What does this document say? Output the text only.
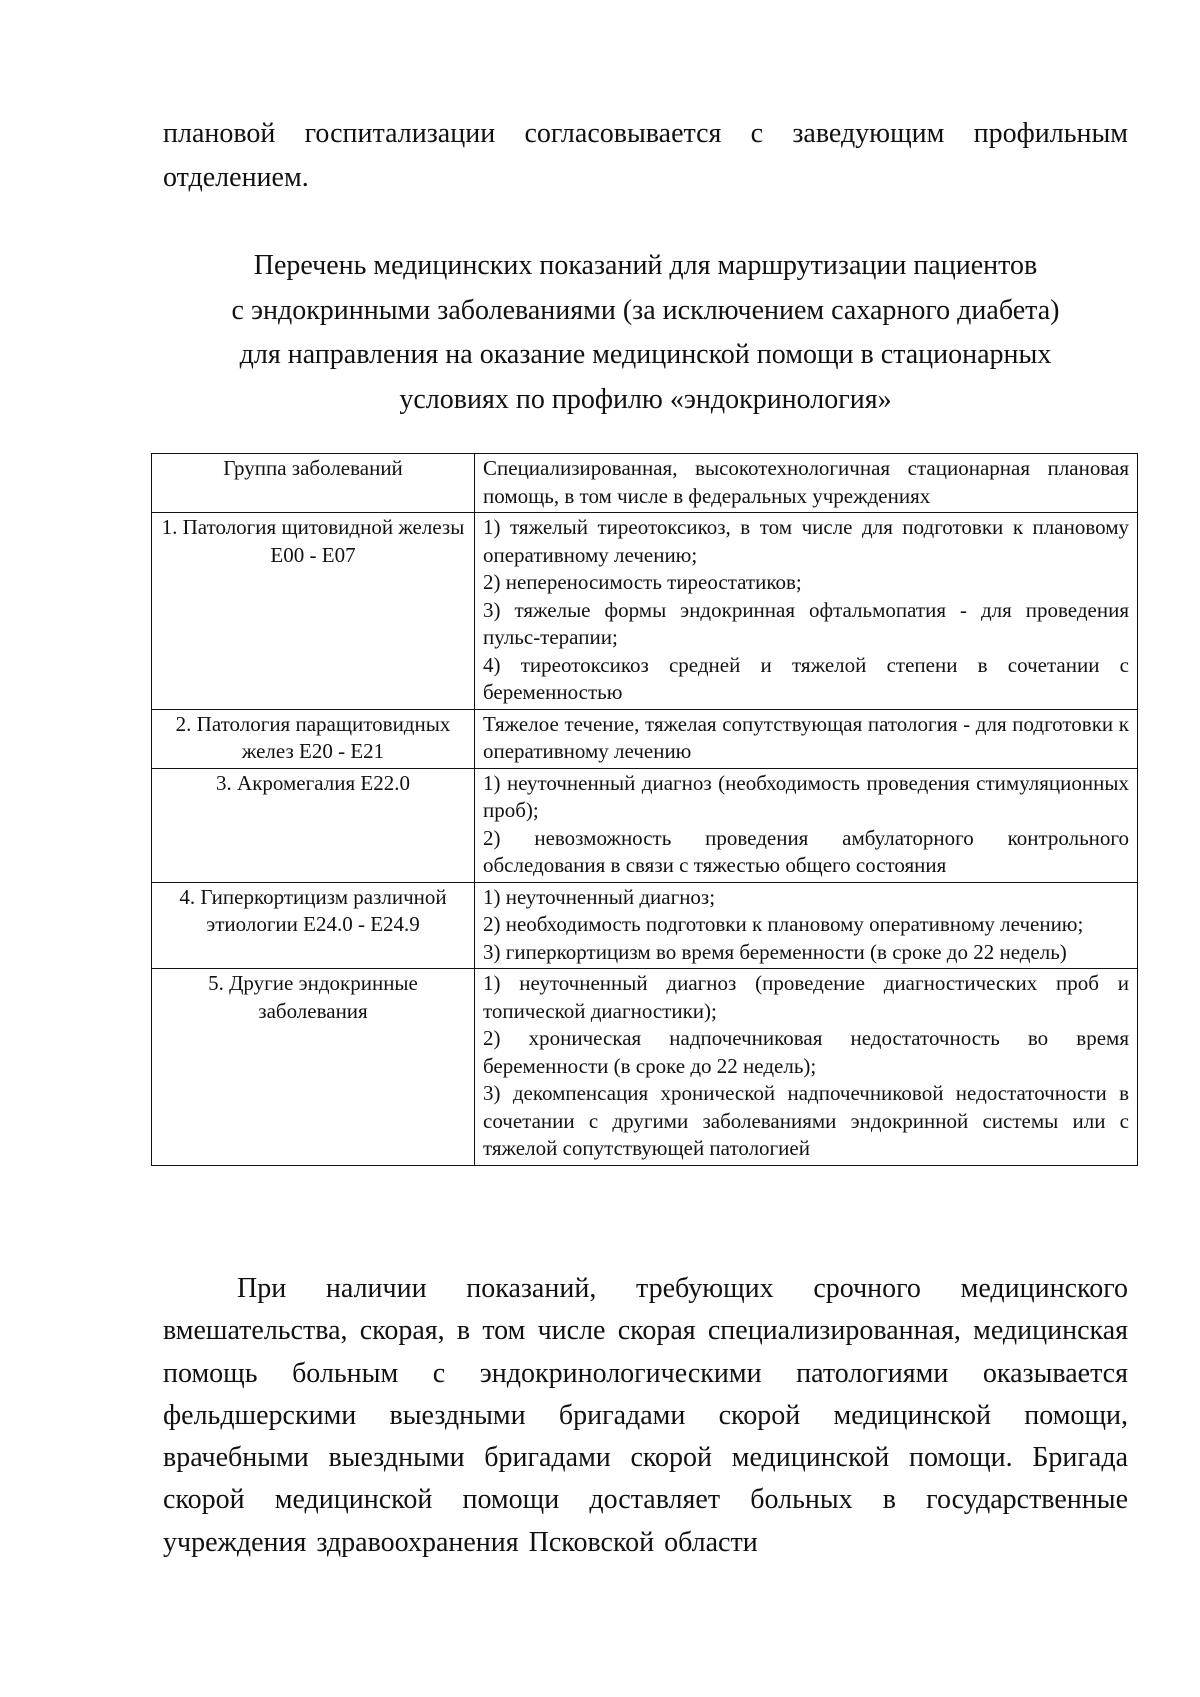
плановой госпитализации согласовывается с заведующим профильным отделением.

Перечень медицинских показаний для маршрутизации пациентов
с эндокринными заболеваниями (за исключением сахарного диабета)
для направления на оказание медицинской помощи в стационарных
условиях по профилю «эндокринология»
Группа заболеваний	Специализированная, высокотехнологичная стационарная плановая помощь, в том числе в федеральных учреждениях
1. Патология щитовидной железы Е00 - Е07	1) тяжелый тиреотоксикоз, в том числе для подготовки к плановому оперативному лечению;
2) непереносимость тиреостатиков;
3) тяжелые формы эндокринная офтальмопатия - для проведения пульс-терапии;
4) тиреотоксикоз средней и тяжелой степени в сочетании с беременностью

2. Патология паращитовидных желез Е20 - Е21	Тяжелое течение, тяжелая сопутствующая патология - для подготовки к оперативному лечению

3. Акромегалия Е22.0	1) неуточненный диагноз (необходимость проведения стимуляционных проб);
2) невозможность проведения амбулаторного контрольного обследования в связи с тяжестью общего состояния

4. Гиперкортицизм различной этиологии Е24.0 - Е24.9	1) неуточненный диагноз;
2) необходимость подготовки к плановому оперативному лечению;
3) гиперкортицизм во время беременности (в сроке до 22 недель)

5. Другие эндокринные заболевания	1) неуточненный диагноз (проведение диагностических проб и топической диагностики);
2) хроническая надпочечниковая недостаточность во время беременности (в сроке до 22 недель);
3) декомпенсация хронической надпочечниковой недостаточности в сочетании с другими заболеваниями эндокринной системы или с тяжелой сопутствующей патологией

При наличии показаний, требующих срочного медицинского вмешательства, скорая, в том числе скорая специализированная, медицинская помощь больным с эндокринологическими патологиями оказывается фельдшерскими выездными бригадами скорой медицинской помощи, врачебными выездными бригадами скорой медицинской помощи. Бригада скорой медицинской помощи доставляет больных в государственные учреждения здравоохранения Псковской области
